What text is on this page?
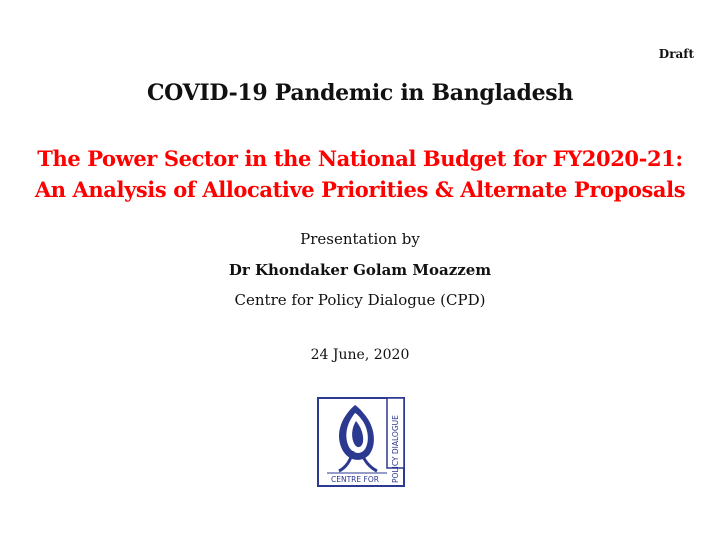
Draft
COVID-19 Pandemic in Bangladesh
The Power Sector in the National Budget for FY2020-21:
An Analysis of Allocative Priorities & Alternate Proposals
Presentation by
Dr Khondaker Golam Moazzem
Centre for Policy Dialogue (CPD)
24 June, 2020
CENTRE FOR POLICY DIALOGUE
